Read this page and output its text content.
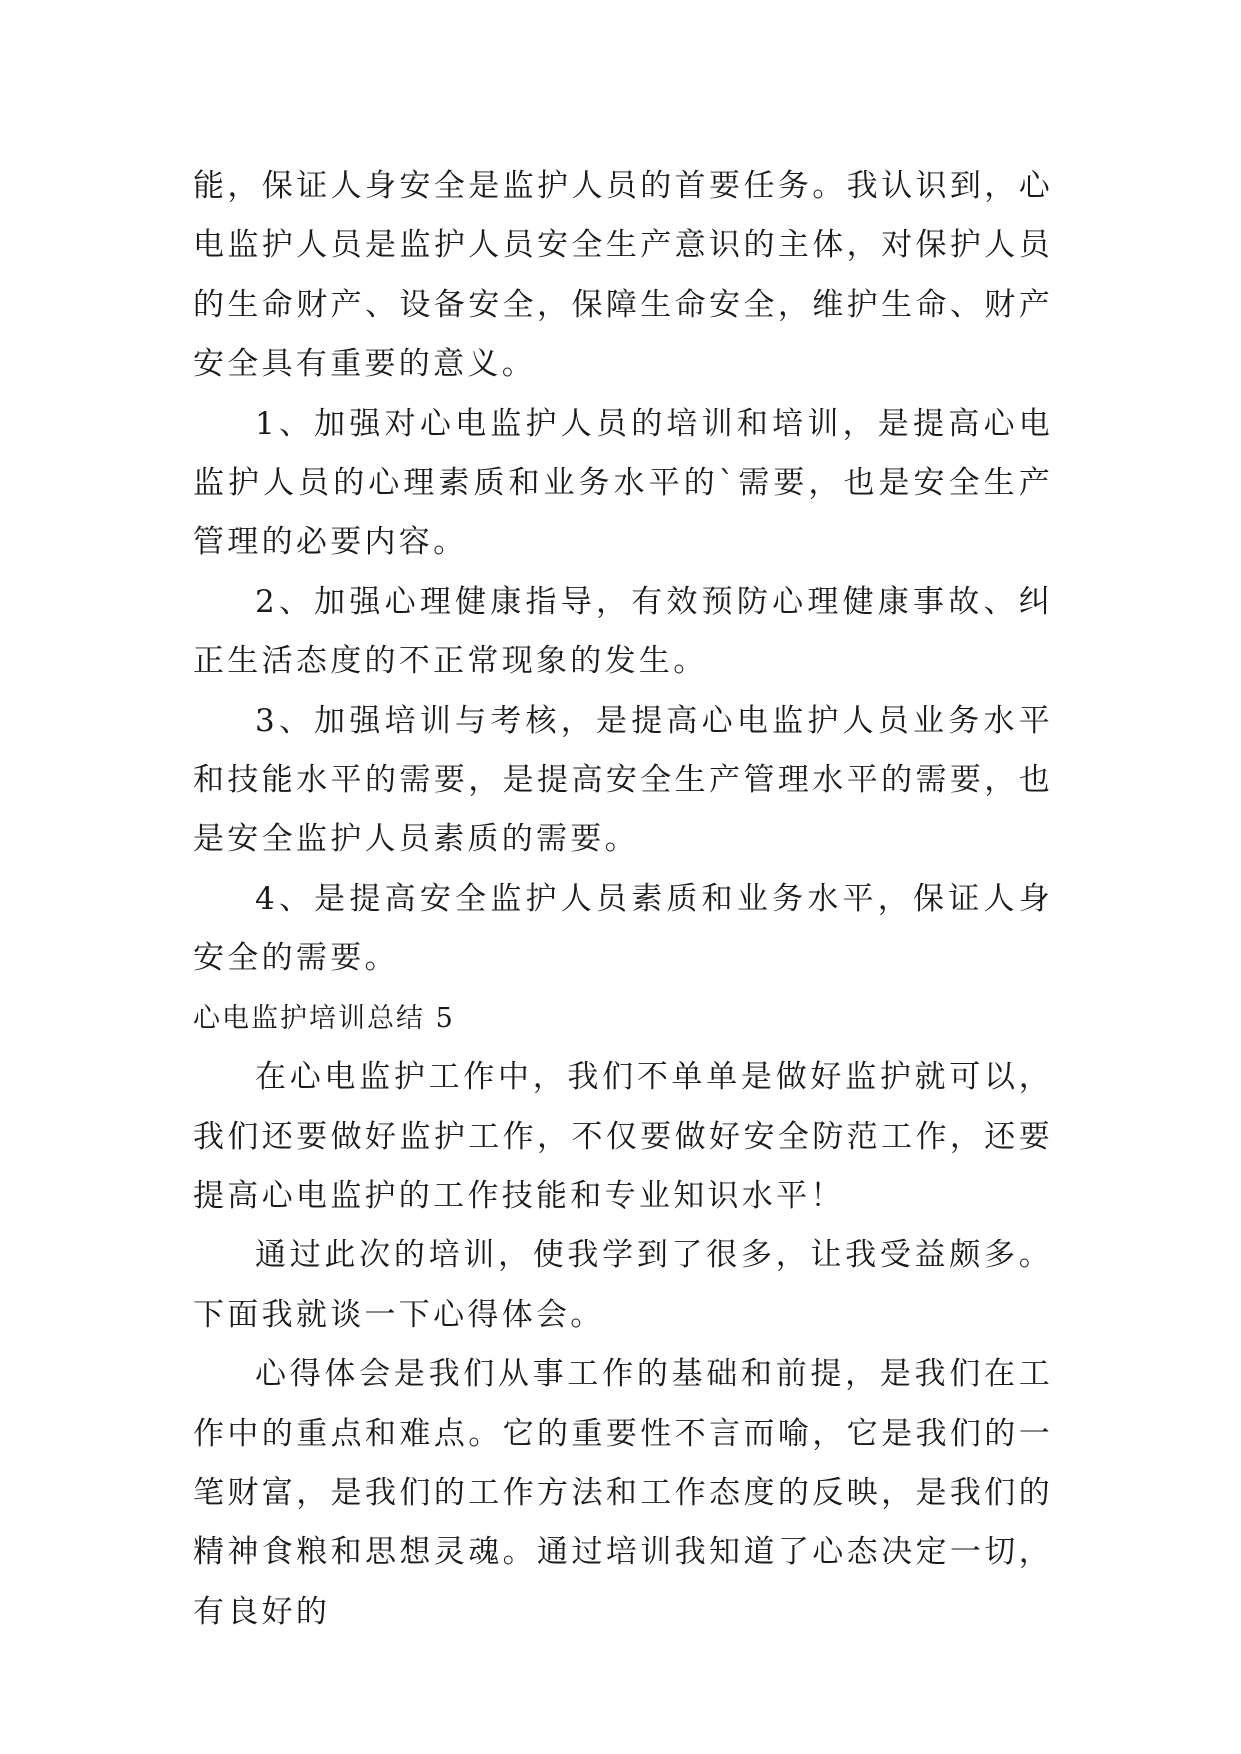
能，保证人身安全是监护人员的首要任务。我认识到，心电监护人员是监护人员安全生产意识的主体，对保护人员的生命财产、设备安全，保障生命安全，维护生命、财产安全具有重要的意义。

1、加强对心电监护人员的培训和培训，是提高心电监护人员的心理素质和业务水平的`需要，也是安全生产管理的必要内容。

2、加强心理健康指导，有效预防心理健康事故、纠正生活态度的不正常现象的发生。

3、加强培训与考核，是提高心电监护人员业务水平和技能水平的需要，是提高安全生产管理水平的需要，也是安全监护人员素质的需要。

4、是提高安全监护人员素质和业务水平，保证人身安全的需要。

心电监护培训总结 5

在心电监护工作中，我们不单单是做好监护就可以，我们还要做好监护工作，不仅要做好安全防范工作，还要提高心电监护的工作技能和专业知识水平！

通过此次的培训，使我学到了很多，让我受益颇多。下面我就谈一下心得体会。

心得体会是我们从事工作的基础和前提，是我们在工作中的重点和难点。它的重要性不言而喻，它是我们的一笔财富，是我们的工作方法和工作态度的反映，是我们的精神食粮和思想灵魂。通过培训我知道了心态决定一切，有良好的
